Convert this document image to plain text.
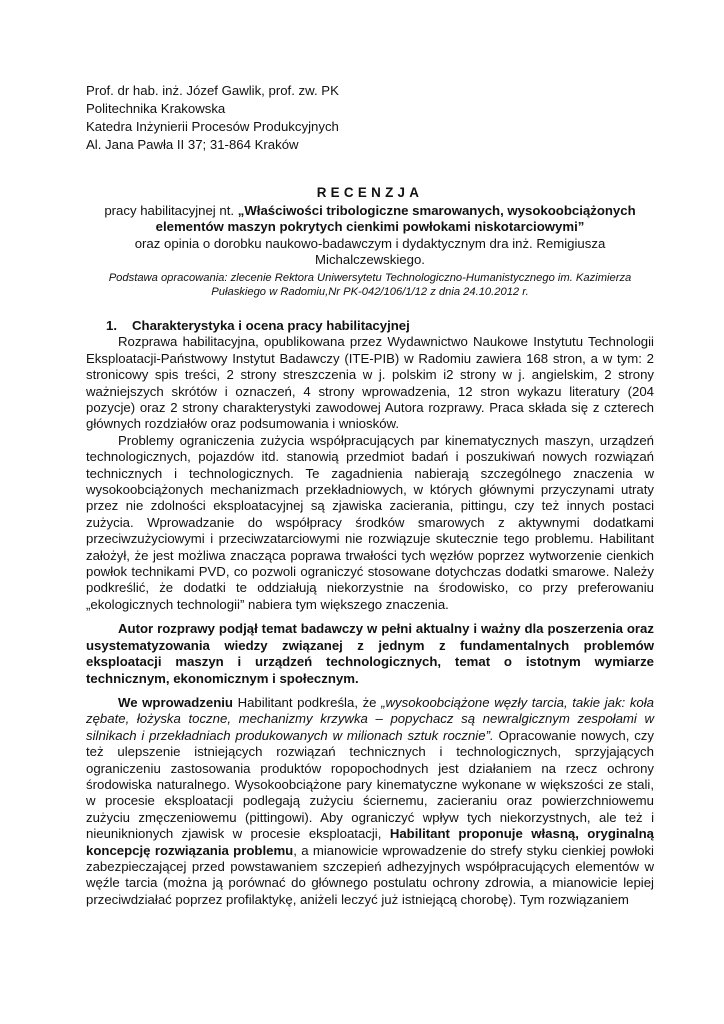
Prof. dr hab. inż. Józef Gawlik, prof. zw. PK

Politechnika Krakowska

Katedra Inżynierii Procesów Produkcyjnych

Al. Jana Pawła II 37; 31-864 Kraków

RECENZJA

pracy habilitacyjnej nt. „Właściwości tribologiczne smarowanych, wysokoobciążonych

elementów maszyn pokrytych cienkimi powłokami niskotarciowymi”

oraz opinia o dorobku naukowo-badawczym i dydaktycznym dra inż. Remigiusza

Michalczewskiego.

Podstawa opracowania: zlecenie Rektora Uniwersytetu Technologiczno-Humanistycznego im. Kazimierza
Pułaskiego w Radomiu,Nr PK-042/106/1/12 z dnia 24.10.2012 r.

1. Charakterystyka i ocena pracy habilitacyjnej

Rozprawa habilitacyjna, opublikowana przez Wydawnictwo Naukowe Instytutu Technologii Eksploatacji-Państwowy Instytut Badawczy (ITE-PIB) w Radomiu zawiera 168 stron, a w tym: 2 stronicowy spis treści, 2 strony streszczenia w j. polskim i2 strony w j. angielskim, 2 strony ważniejszych skrótów i oznaczeń, 4 strony wprowadzenia, 12 stron wykazu literatury (204 pozycje) oraz 2 strony charakterystyki zawodowej Autora rozprawy. Praca składa się z czterech głównych rozdziałów oraz podsumowania i wniosków.

Problemy ograniczenia zużycia współpracujących par kinematycznych maszyn, urządzeń technologicznych, pojazdów itd. stanowią przedmiot badań i poszukiwań nowych rozwiązań technicznych i technologicznych. Te zagadnienia nabierają szczególnego znaczenia w wysokoobciążonych mechanizmach przekładniowych, w których głównymi przyczynami utraty przez nie zdolności eksploatacyjnej są zjawiska zacierania, pittingu, czy też innych postaci zużycia. Wprowadzanie do współpracy środków smarowych z aktywnymi dodatkami przeciwzużyciowymi i przeciwzatarciowymi nie rozwiązuje skutecznie tego problemu. Habilitant założył, że jest możliwa znacząca poprawa trwałości tych węzłów poprzez wytworzenie cienkich powłok technikami PVD, co pozwoli ograniczyć stosowane dotychczas dodatki smarowe. Należy podkreślić, że dodatki te oddziałują niekorzystnie na środowisko, co przy preferowaniu „ekologicznych technologii” nabiera tym większego znaczenia.

Autor rozprawy podjął temat badawczy w pełni aktualny i ważny dla poszerzenia oraz usystematyzowania wiedzy związanej z jednym z fundamentalnych problemów eksploatacji maszyn i urządzeń technologicznych, temat o istotnym wymiarze technicznym, ekonomicznym i społecznym.

We wprowadzeniu Habilitant podkreśla, że „wysokoobciążone węzły tarcia, takie jak: koła zębate, łożyska toczne, mechanizmy krzywka – popychacz są newralgicznym zespołami w silnikach i przekładniach produkowanych w milionach sztuk rocznie”. Opracowanie nowych, czy też ulepszenie istniejących rozwiązań technicznych i technologicznych, sprzyjających ograniczeniu zastosowania produktów ropopochodnych jest działaniem na rzecz ochrony środowiska naturalnego. Wysokoobciążone pary kinematyczne wykonane w większości ze stali, w procesie eksploatacji podlegają zużyciu ściernemu, zacieraniu oraz powierzchniowemu zużyciu zmęczeniowemu (pittingowi). Aby ograniczyć wpływ tych niekorzystnych, ale też i nieuniknionych zjawisk w procesie eksploatacji, Habilitant proponuje własną, oryginalną koncepcję rozwiązania problemu, a mianowicie wprowadzenie do strefy styku cienkiej powłoki zabezpieczającej przed powstawaniem szczepień adhezyjnych współpracujących elementów w węźle tarcia (można ją porównać do głównego postulatu ochrony zdrowia, a mianowicie lepiej przeciwdziałać poprzez profilaktykę, aniżeli leczyć już istniejącą chorobę). Tym rozwiązaniem
